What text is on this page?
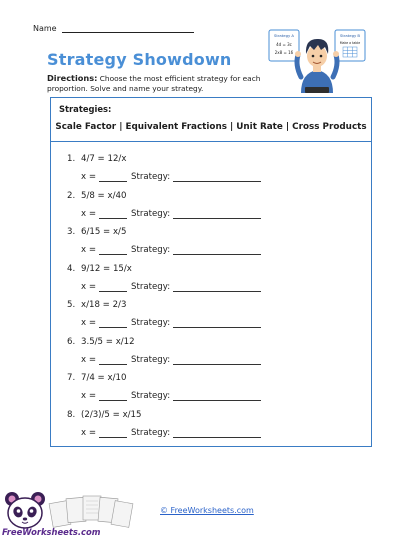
Name
Strategy Showdown
Directions: Choose the most efficient strategy for each proportion. Solve and name your strategy.
Strategy A
4d = 3c
2x8 = 16
Strategy B
Make a table
Strategies:
Scale Factor | Equivalent Fractions | Unit Rate | Cross Products
1. 4/7 = 12/x
x =	Strategy:
2. 5/8 = x/40
x =	Strategy:
3. 6/15 = x/5
x =	Strategy:
4. 9/12 = 15/x
x =	Strategy:
5. x/18 = 2/3
x =	Strategy:
6. 3.5/5 = x/12
x =	Strategy:
7. 7/4 = x/10
x =	Strategy:
8. (2/3)/5 = x/15
x =	Strategy:
FreeWorksheets.com
© FreeWorksheets.com
